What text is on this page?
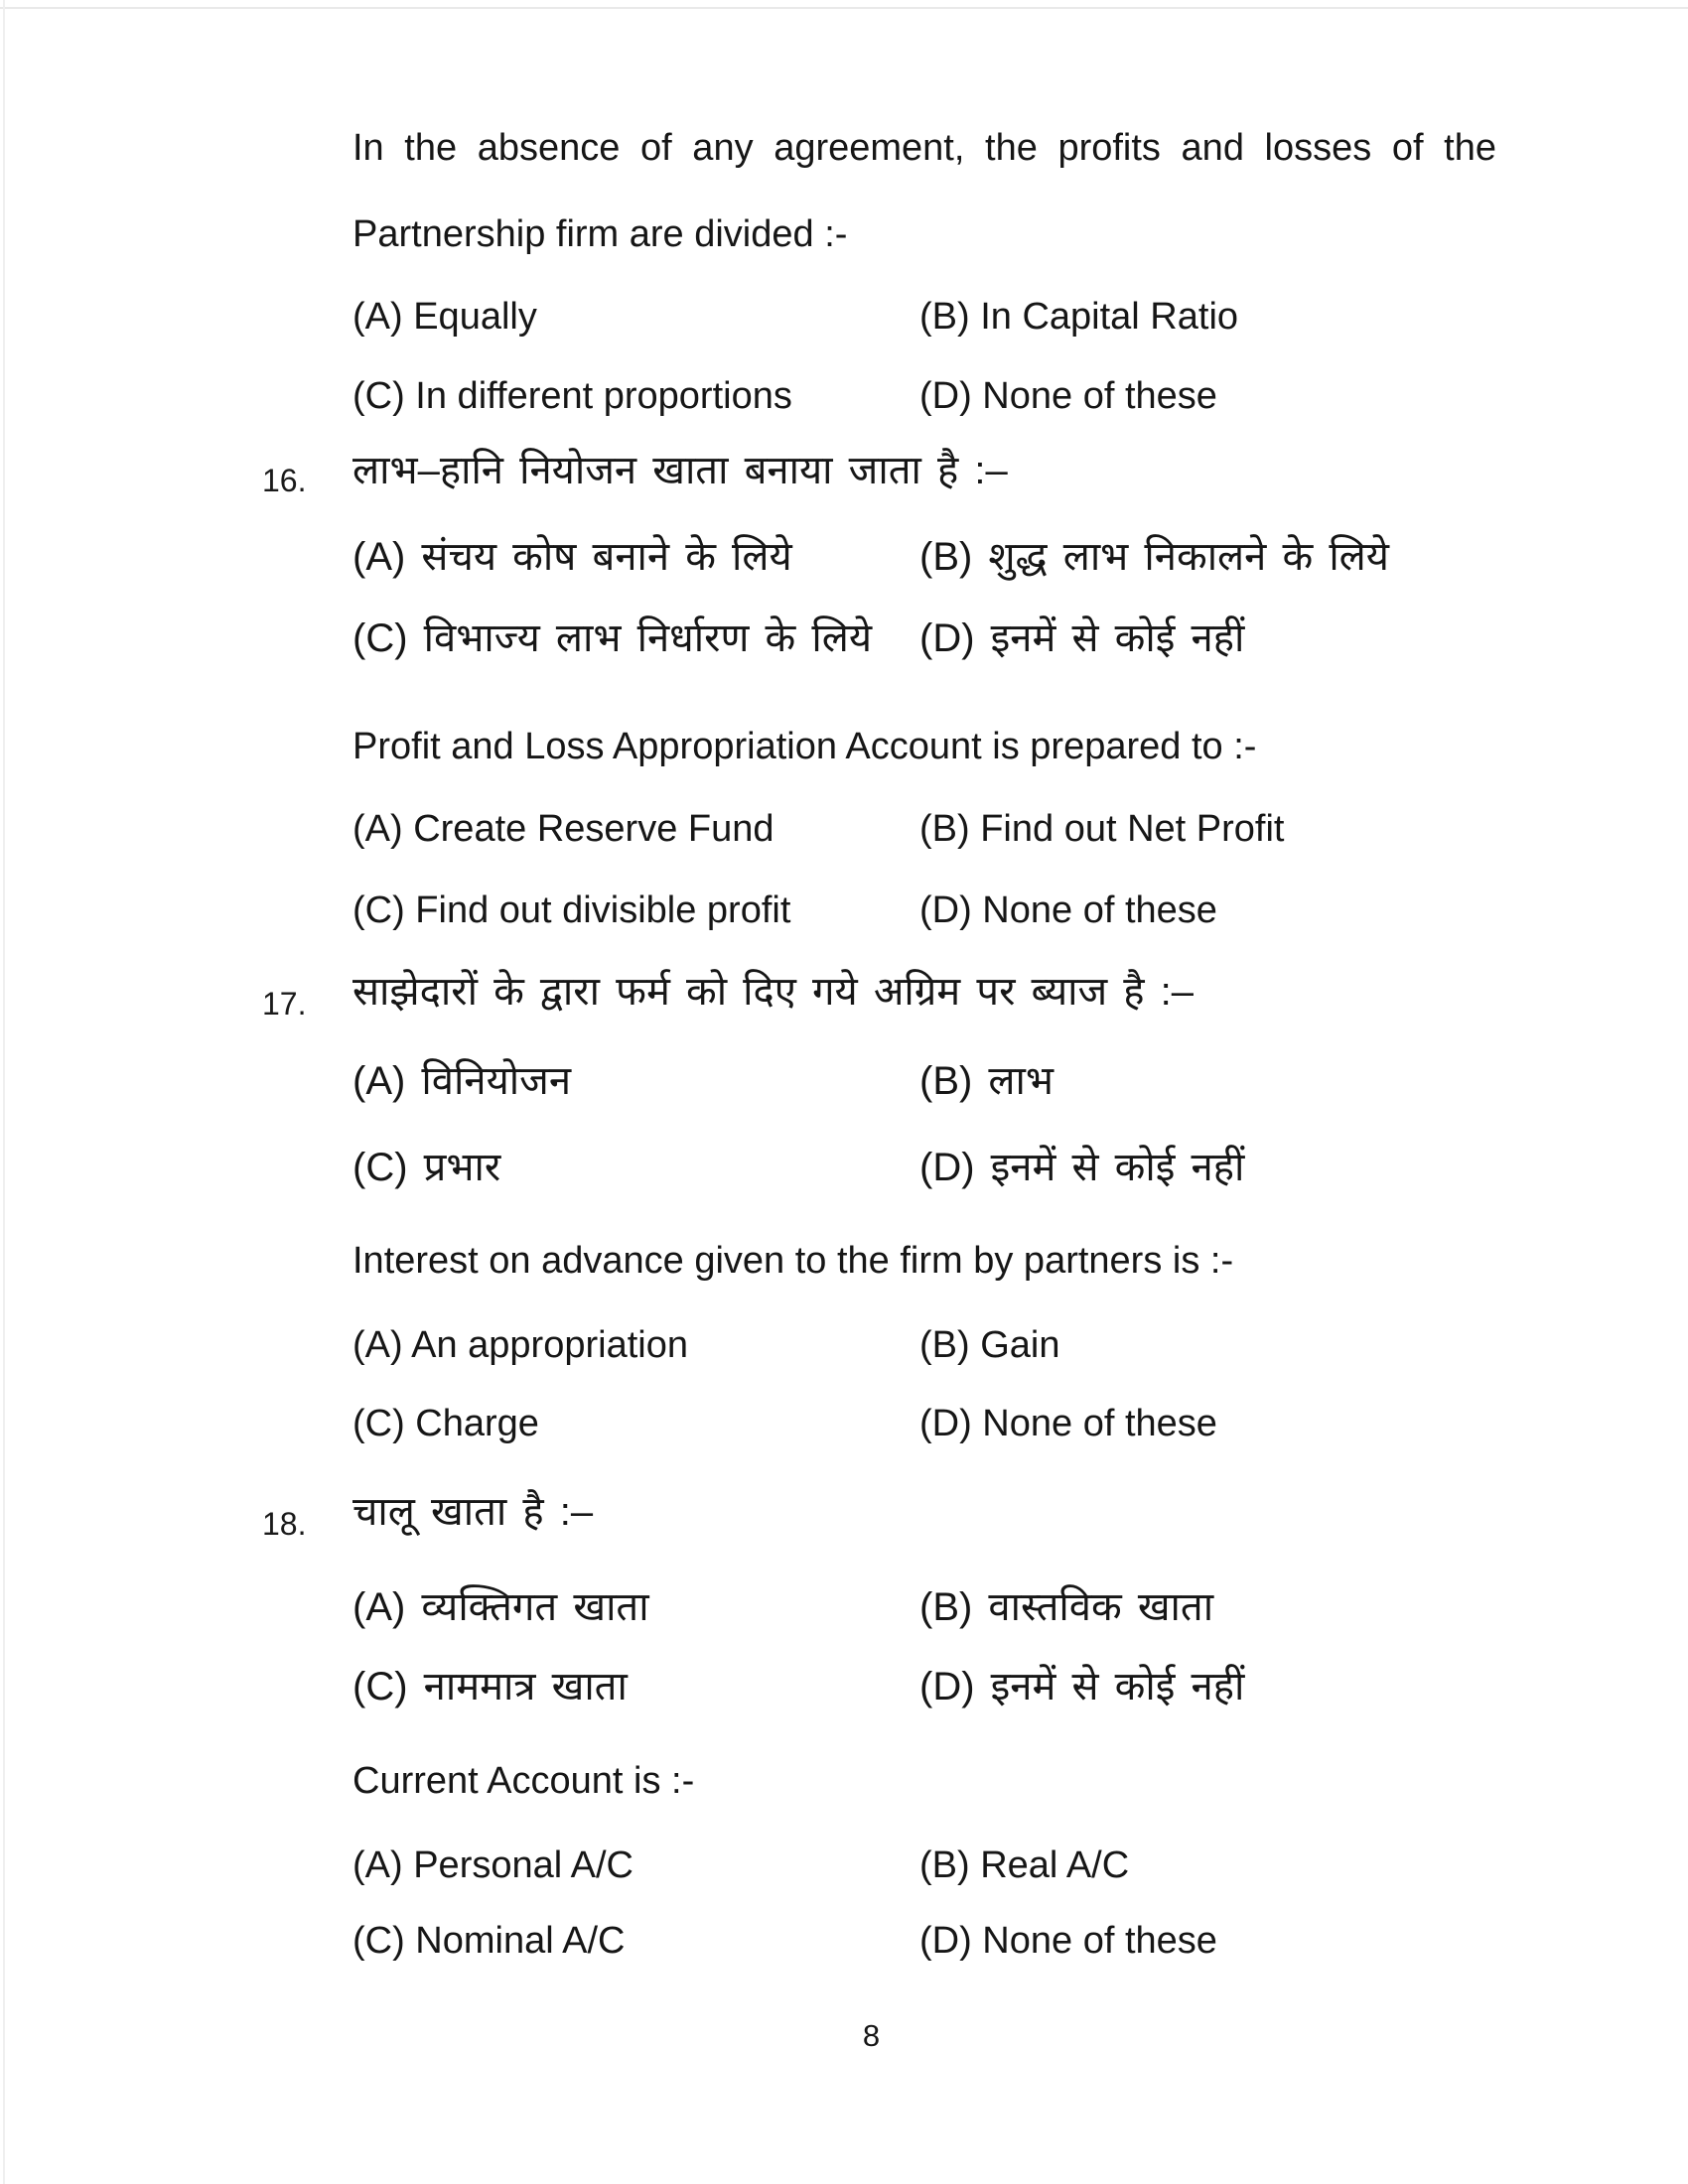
In the absence of any agreement, the profits and losses of the
Partnership firm are divided :-
(A) Equally	(B) In Capital Ratio
(C) In different proportions	(D) None of these
16. लाभ–हानि नियोजन खाता बनाया जाता है :–
(A) संचय कोष बनाने के लिये	(B) शुद्ध लाभ निकालने के लिये
(C) विभाज्य लाभ निर्धारण के लिये	(D) इनमें से कोई नहीं
Profit and Loss Appropriation Account is prepared to :-
(A) Create Reserve Fund	(B) Find out Net Profit
(C) Find out divisible profit	(D) None of these
17. साझेदारों के द्वारा फर्म को दिए गये अग्रिम पर ब्याज है :–
(A) विनियोजन	(B) लाभ
(C) प्रभार	(D) इनमें से कोई नहीं
Interest on advance given to the firm by partners is :-
(A) An appropriation	(B) Gain
(C) Charge	(D) None of these
18. चालू खाता है :–
(A) व्यक्तिगत खाता	(B) वास्तविक खाता
(C) नाममात्र खाता	(D) इनमें से कोई नहीं
Current Account is :-
(A) Personal A/C	(B) Real A/C
(C) Nominal A/C	(D) None of these
8
